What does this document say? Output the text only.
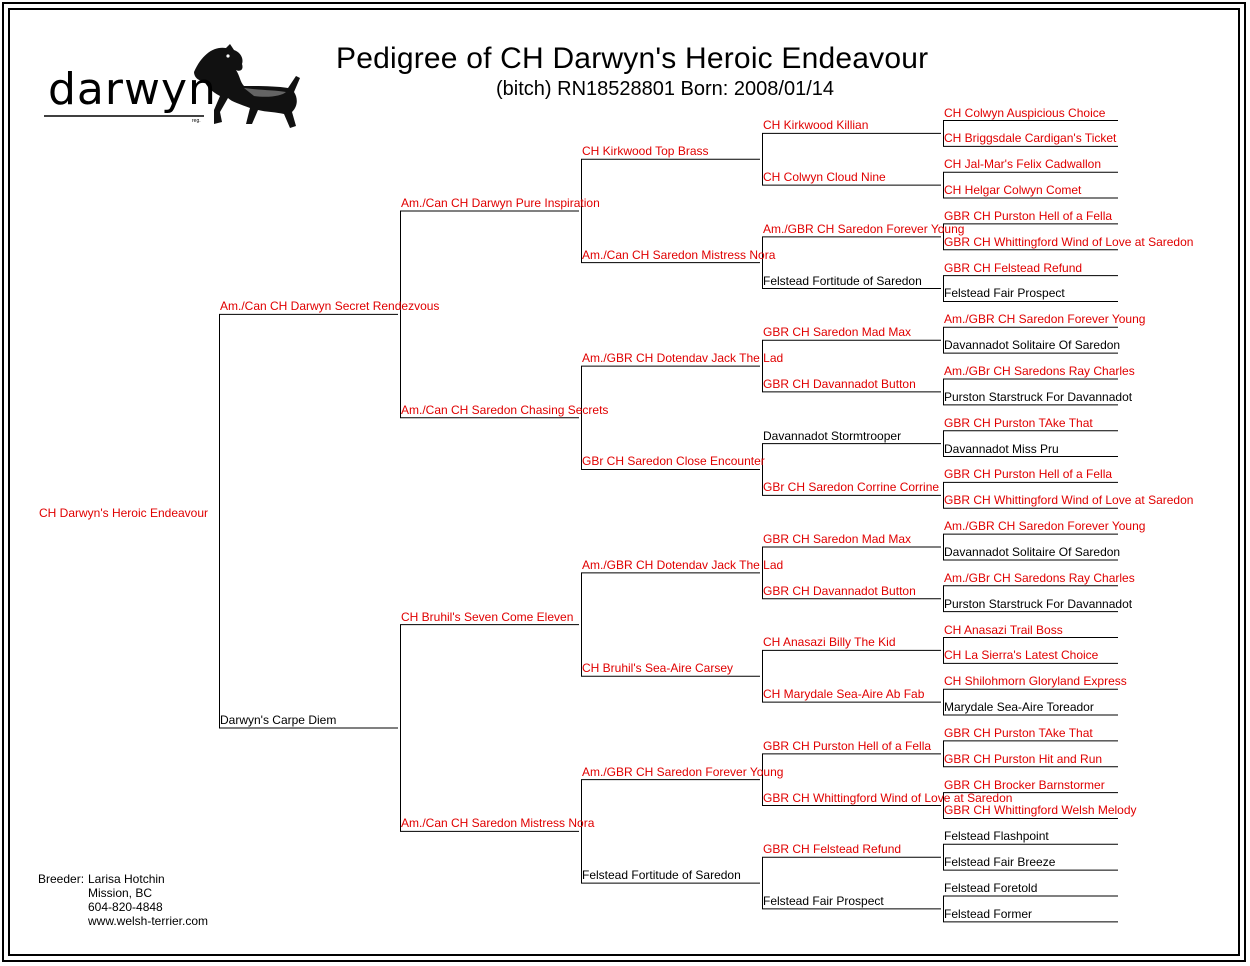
darwyn
reg.
Pedigree of CH Darwyn's Heroic Endeavour
(bitch) RN18528801 Born: 2008/01/14
CH Darwyn's Heroic Endeavour
Am./Can CH Darwyn Secret Rendezvous
Am./Can CH Darwyn Pure Inspiration
CH Kirkwood Top Brass
CH Kirkwood Killian
CH Colwyn Auspicious Choice
CH Briggsdale Cardigan's Ticket
CH Colwyn Cloud Nine
CH Jal-Mar's Felix Cadwallon
CH Helgar Colwyn Comet
Am./Can CH Saredon Mistress Nora
Am./GBR CH Saredon Forever Young
GBR CH Purston Hell of a Fella
GBR CH Whittingford Wind of Love at Saredon
Felstead Fortitude of Saredon
GBR CH Felstead Refund
Felstead Fair Prospect
Am./Can CH Saredon Chasing Secrets
Am./GBR CH Dotendav Jack The Lad
GBR CH Saredon Mad Max
Am./GBR CH Saredon Forever Young
Davannadot Solitaire Of Saredon
GBR CH Davannadot Button
Am./GBr CH Saredons Ray Charles
Purston Starstruck For Davannadot
GBr CH Saredon Close Encounter
Davannadot Stormtrooper
GBR CH Purston TAke That
Davannadot Miss Pru
GBr CH Saredon Corrine Corrine
GBR CH Purston Hell of a Fella
GBR CH Whittingford Wind of Love at Saredon
Darwyn's Carpe Diem
CH Bruhil's Seven Come Eleven
Am./GBR CH Dotendav Jack The Lad
GBR CH Saredon Mad Max
Am./GBR CH Saredon Forever Young
Davannadot Solitaire Of Saredon
GBR CH Davannadot Button
Am./GBr CH Saredons Ray Charles
Purston Starstruck For Davannadot
CH Bruhil's Sea-Aire Carsey
CH Anasazi Billy The Kid
CH Anasazi Trail Boss
CH La Sierra's Latest Choice
CH Marydale Sea-Aire Ab Fab
CH Shilohmorn Gloryland Express
Marydale Sea-Aire Toreador
Am./Can CH Saredon Mistress Nora
Am./GBR CH Saredon Forever Young
GBR CH Purston Hell of a Fella
GBR CH Purston TAke That
GBR CH Purston Hit and Run
GBR CH Whittingford Wind of Love at Saredon
GBR CH Brocker Barnstormer
GBR CH Whittingford Welsh Melody
Felstead Fortitude of Saredon
GBR CH Felstead Refund
Felstead Flashpoint
Felstead Fair Breeze
Felstead Fair Prospect
Felstead Foretold
Felstead Former
Breeder: Larisa Hotchin
Mission, BC
604-820-4848
www.welsh-terrier.com
